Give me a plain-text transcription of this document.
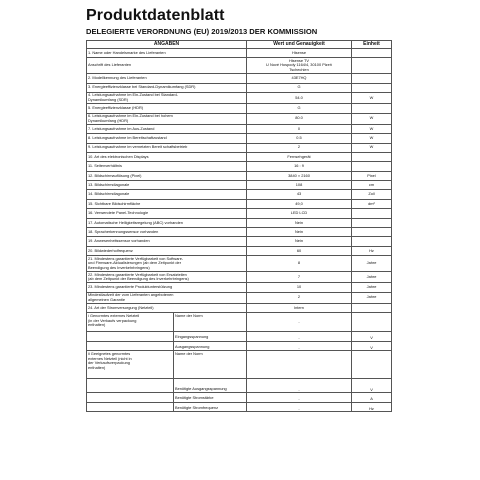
Produktdatenblatt
DELEGIERTE VERORDNUNG (EU) 2019/2013 DER KOMMISSION
ANGABEN	Wert und Genauigkeit	Einheit
1. Name oder Handelsmarke des Lieferanten	Hisense	
Anschrift des Lieferanten	Hisense TV
U Nové Hospody 1164/4, 30100 Plzeň
Tschechien	

2. Modellkennung des Lieferanten	43E7HQ	
3. Energieeffizienzklasse bei Standard-Dynamikumfang (SDR)	G	

4. Leistungsaufnahme im Ein-Zustand bei Standard-
Dynamikumfang (SDR)	54.0	W
5. Energieeffizienzklasse (HDR)	G	

6. Leistungsaufnahme im Ein-Zustand bei hohem
Dynamikumfang (HDR)	80.0	W
7. Leistungsaufnahme im Aus-Zustand	0	W
8. Leistungsaufnahme im Bereitschaftzustand	0.5	W
9. Leistungsaufnahme im vernetzten Bereit schaftsbetrieb	2	W
10. Art des elektronischen Displays	Fernsehgerät	
11. Seitenverhältnis	16 : 9	
12. Bildschirmauflösung (Pixel)	3840 × 2160	Pixel
13. Bildschirmdiagonale	108	cm
14. Bildschirmdiagonale	43	Zoll
15. Sichtbare Bildschirmfläche	49,0	dm²
16. Verwendete Panel-Technologie	LED LCD	
17. Automatische Helligkeitsregelung (ABC) vorhanden	Nein	
18. Spracherkennungssensor vorhanden	Nein	
19. Anwesenheitssensor vorhanden	Nein	
20. Bildwiederholfrequenz	60	Hz

21. Mindestens garantierte Verfügbarkeit von Software-
und Firmware-Aktualisierungen (ab dem Zeitpunkt der
Beendigung des Inverkehrbringens)	8	Jahre

22. Mindestens garantierte Verfügbarkeit von Ersatzteilen
(ab dem Zeitpunkt der Beendigung des Inverkehrbringens)	7	Jahre
23. Mindestens garantierte Produktunterstützung	10	Jahre

Mindestlaufzeit der vom Lieferanten angebotenen
allgemeinen Garantie	2	Jahre
24. Art der Stromversorgung (Netzteil)	Intern	

i Genormtes externes Netzteil
(in der Verkaufs verpackung
enthalten)
Name der Norm	-	

Eingangsspannung	-	V

Ausgangsspannung	-	V

ii Geeignetes genormtes
externes Netzteil (nicht in
der Verkaufsverpackung
enthalten)
Name der Norm		

Benötigte Ausgangsspannung	-	V

Benötigte Stromstärke	-	A

Benötigte Stromfrequenz	-	Hz
